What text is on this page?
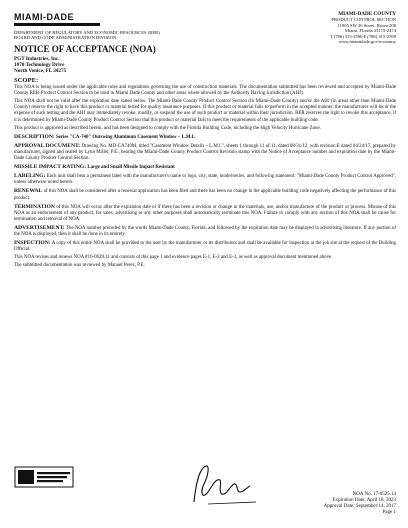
MIAMI-DADE
DEPARTMENT OF REGULATORY AND ECONOMIC RESOURCES (RER)
BOARD AND CODE ADMINISTRATION DIVISION
MIAMI-DADE COUNTY
PRODUCT CONTROL SECTION
11805 SW 26 Street, Room 208
Miami, Florida 33175-2474
T (786) 315-2590 F (786) 315-2599
www.miamidade.gov/economy
NOTICE OF ACCEPTANCE (NOA)
PGT Industries, Inc.
1070 Technology Drive
North Venice, FL 34275
SCOPE:

This NOA is being issued under the applicable rules and regulations governing the use of construction materials. The documentation submitted has been reviewed and accepted by Miami-Dade County RER-Product Control Section to be used in Miami Dade County and other areas where allowed by the Authority Having Jurisdiction (AHJ).

This NOA shall not be valid after the expiration date stated below. The Miami-Dade County Product Control Section (In Miami-Dade County) and/or the AHJ (in areas other than Miami-Dade County) reserve the right to have this product or material tested for quality assurance purposes. If this product or material fails to perform in the accepted manner, the manufacturer will incur the expense of such testing and the AHJ may immediately revoke, modify, or suspend the use of such product or material within their jurisdiction. RER reserves the right to revoke this acceptance, if it is determined by Miami-Dade County Product Control Section that this product or material fails to meet the requirements of the applicable building code.

This product is approved as described herein, and has been designed to comply with the Florida Building Code, including the High Velocity Hurricane Zone.

DESCRIPTION: Series "CA-740" Outswing Aluminum Casement Window – L.M.I.

APPROVAL DOCUMENT: Drawing No. MD-CA740M, titled "Casement Window Details – L.M.I.", sheets 1 through 11 of 11, dated 08/31/12, with revision E dated 04/24/17, prepared by manufacturer, signed and sealed by Lynn Miller, P.E., bearing the Miami-Dade County Product Control Revision stamp with the Notice of Acceptance number and expiration date by the Miami-Dade County Product Control Section.

MISSILE IMPACT RATING: Large and Small Missile Impact Resistant

LABELING: Each unit shall bear a permanent label with the manufacturer's name or logo, city, state, model/series, and following statement: "Miami-Dade County Product Control Approved", unless otherwise noted herein.

RENEWAL of this NOA shall be considered after a renewal application has been filed and there has been no change in the applicable building code negatively affecting the performance of this product.

TERMINATION of this NOA will occur after the expiration date or if there has been a revision or change in the materials, use, and/or manufacture of the product or process. Misuse of this NOA as an endorsement of any product, for sales, advertising or any other purposes shall automatically terminate this NOA. Failure to comply with any section of this NOA shall be cause for termination and removal of NOA.

ADVERTISEMENT: The NOA number preceded by the words Miami-Dade County, Florida, and followed by the expiration date may be displayed in advertising literature. If any portion of the NOA is displayed, then it shall be done in its entirety.

INSPECTION: A copy of this entire NOA shall be provided to the user by the manufacturer or its distributors and shall be available for inspection at the job site at the request of the Building Official.

This NOA revises and renews NOA #16-0629.11 and consists of this page 1 and evidence pages E-1, E-2 and E-3, as well as approval document mentioned above.

The submitted documentation was reviewed by Manuel Perez, P.E.

NOA No. 17-0525.14
Expiration Date: April 18, 2023
Approval Date: September 14, 2017
Page 1
